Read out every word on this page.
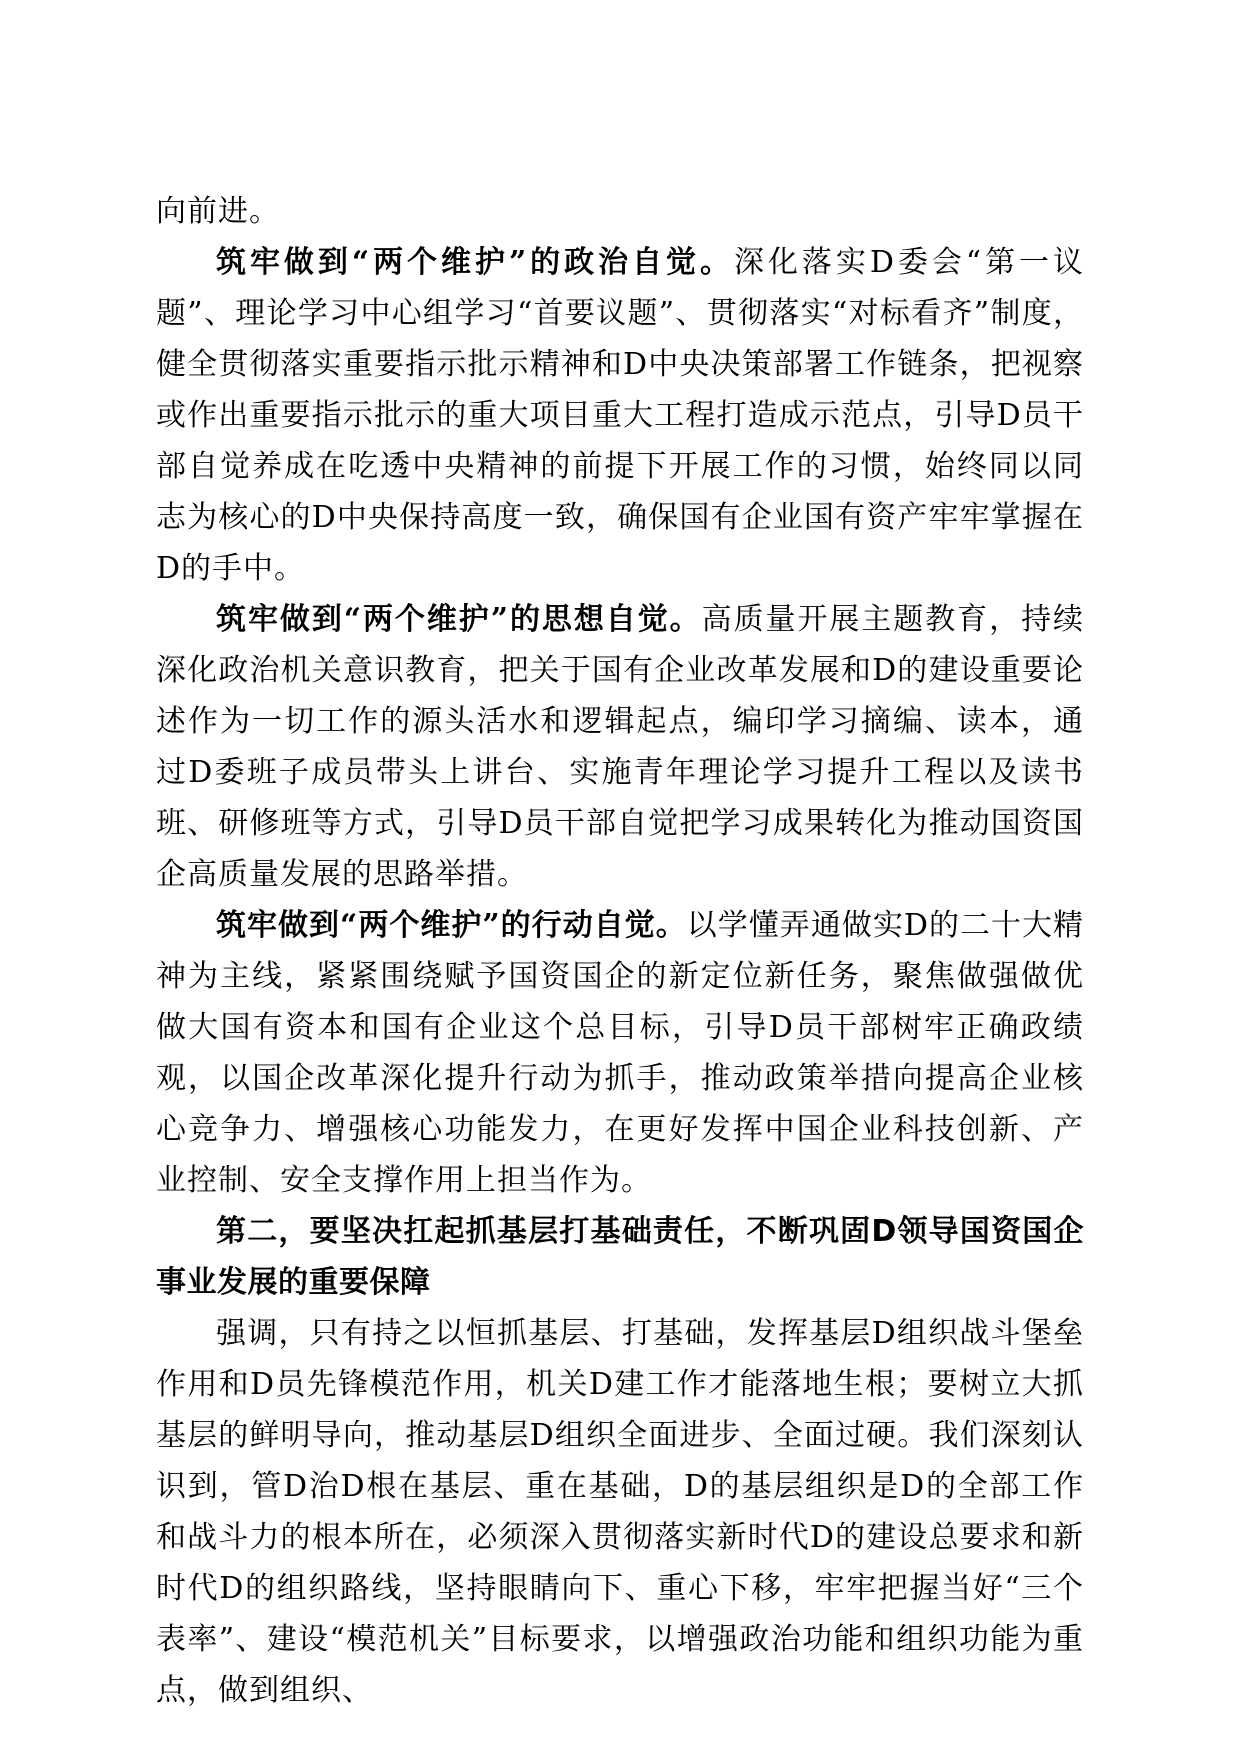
向前进。

筑牢做到“两个维护”的政治自觉。深化落实D委会“第一议题”、理论学习中心组学习“首要议题”、贯彻落实“对标看齐”制度，健全贯彻落实重要指示批示精神和D中央决策部署工作链条，把视察或作出重要指示批示的重大项目重大工程打造成示范点，引导D员干部自觉养成在吃透中央精神的前提下开展工作的习惯，始终同以同志为核心的D中央保持高度一致，确保国有企业国有资产牢牢掌握在D的手中。

筑牢做到“两个维护”的思想自觉。高质量开展主题教育，持续深化政治机关意识教育，把关于国有企业改革发展和D的建设重要论述作为一切工作的源头活水和逻辑起点，编印学习摘编、读本，通过D委班子成员带头上讲台、实施青年理论学习提升工程以及读书班、研修班等方式，引导D员干部自觉把学习成果转化为推动国资国企高质量发展的思路举措。

筑牢做到“两个维护”的行动自觉。以学懂弄通做实D的二十大精神为主线，紧紧围绕赋予国资国企的新定位新任务，聚焦做强做优做大国有资本和国有企业这个总目标，引导D员干部树牢正确政绩观，以国企改革深化提升行动为抓手，推动政策举措向提高企业核心竞争力、增强核心功能发力，在更好发挥中国企业科技创新、产业控制、安全支撑作用上担当作为。

第二，要坚决扛起抓基层打基础责任，不断巩固D领导国资国企事业发展的重要保障

强调，只有持之以恒抓基层、打基础，发挥基层D组织战斗堡垒作用和D员先锋模范作用，机关D建工作才能落地生根；要树立大抓基层的鲜明导向，推动基层D组织全面进步、全面过硬。我们深刻认识到，管D治D根在基层、重在基础，D的基层组织是D的全部工作和战斗力的根本所在，必须深入贯彻落实新时代D的建设总要求和新时代D的组织路线，坚持眼睛向下、重心下移，牢牢把握当好“三个表率”、建设“模范机关”目标要求，以增强政治功能和组织功能为重点，做到组织、
